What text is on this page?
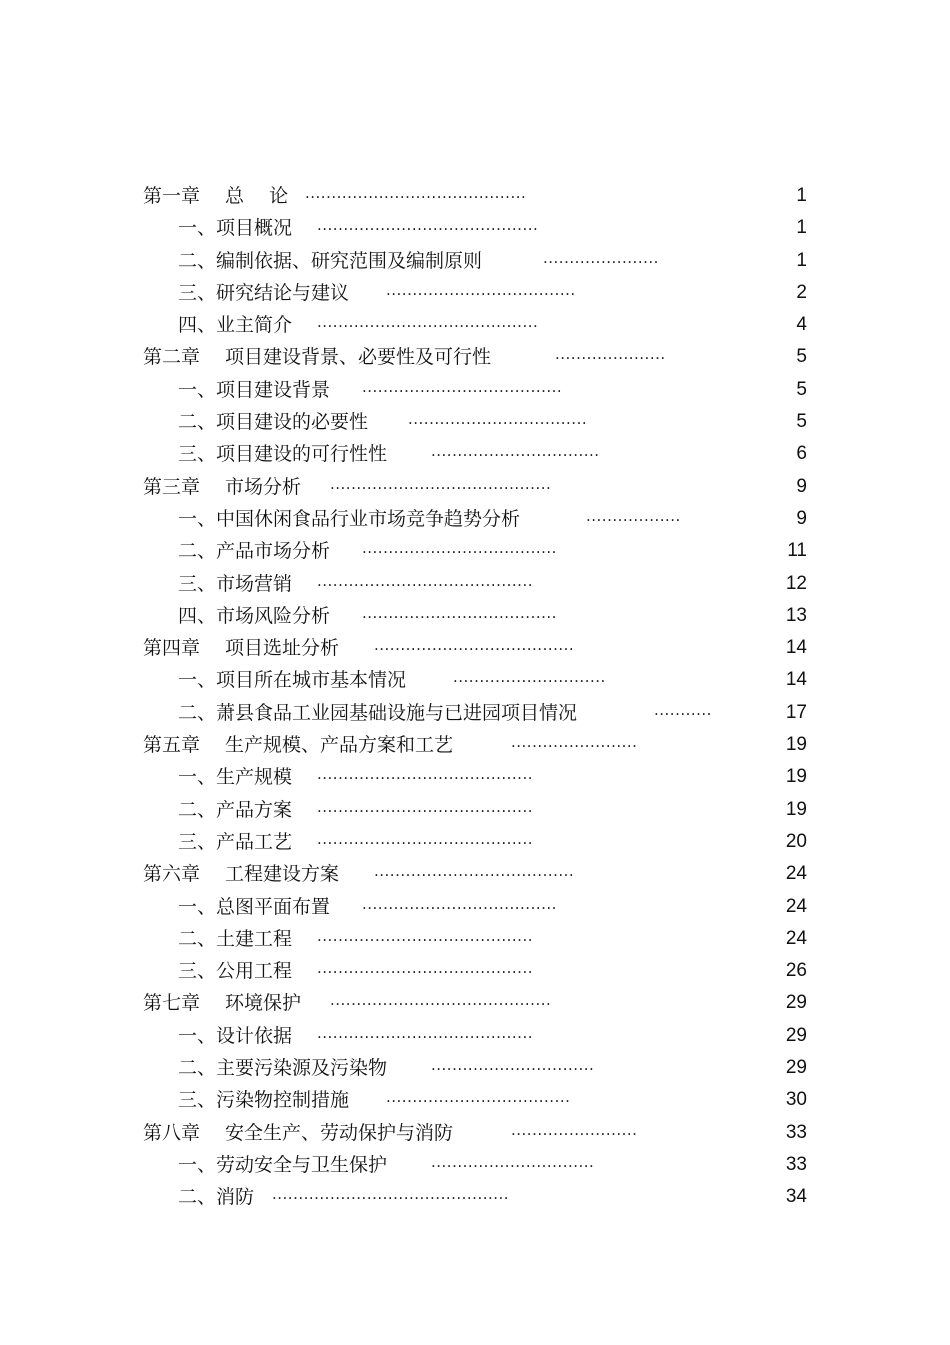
第一章　 总　 论 ..........................................	1
一、项目概况 ..........................................	1
二、编制依据、研究范围及编制原则	......................	1
三、研究结论与建议 ....................................	2
四、业主简介 ..........................................	4
第二章　 项目建设背景、必要性及可行性	.....................	5
一、项目建设背景 ......................................	5
二、项目建设的必要性	..................................	5
三、项目建设的可行性性	................................	6
第三章　 市场分析 ..........................................	9
一、中国休闲食品行业市场竞争趋势分析	..................	9
二、产品市场分析 .....................................	11
三、市场营销 .........................................	12
四、市场风险分析 .....................................	13
第四章　 项目选址分析 ......................................	14
一、项目所在城市基本情况	.............................	14
二、萧县食品工业园基础设施与已进园项目情况	...........	17
第五章　 生产规模、产品方案和工艺	........................	19
一、生产规模 .........................................	19
二、产品方案 .........................................	19
三、产品工艺 .........................................	20
第六章　 工程建设方案 ......................................	24
一、总图平面布置 .....................................	24
二、土建工程 .........................................	24
三、公用工程 .........................................	26
第七章　 环境保护 ..........................................	29
一、设计依据 .........................................	29
二、主要污染源及污染物	...............................	29
三、污染物控制措施 ...................................	30
第八章　 安全生产、劳动保护与消防	........................	33
一、劳动安全与卫生保护	...............................	33
二、消防 .............................................	34
